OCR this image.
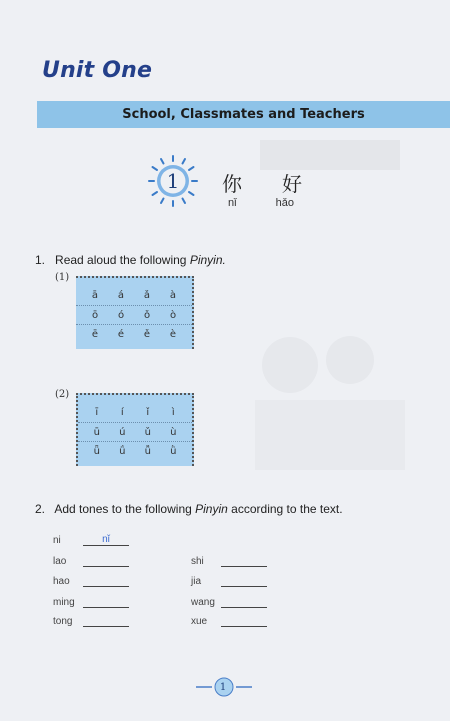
Unit One
School, Classmates and Teachers
1	你 好
nǐ	hǎo
1. Read aloud the following Pinyin.
(1)
ā	á	ǎ	à
ō	ó	ǒ	ò
ē	é	ě	è
(2)
ī	í	ǐ	ì
ū	ú	ǔ	ù
ǖ	ǘ	ǚ	ǜ
2. Add tones to the following Pinyin according to the text.
ni	nǐ
lao
hao
ming
tong
shi
jia
wang
xue
1
